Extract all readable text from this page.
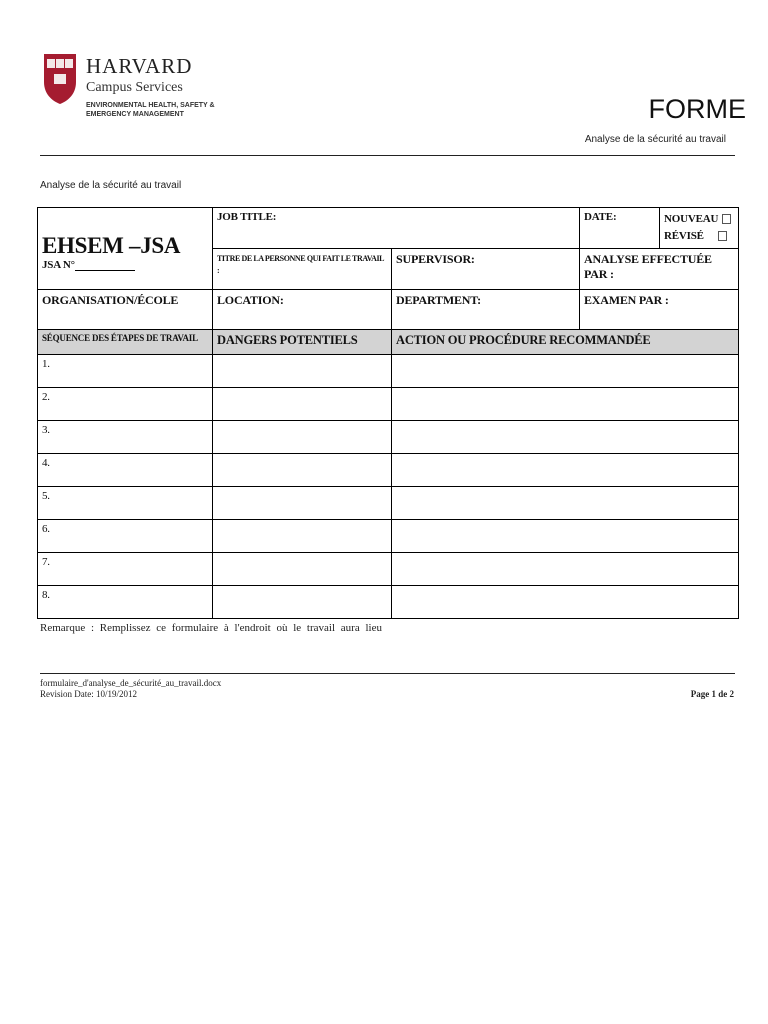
HARVARD
Campus Services
ENVIRONMENTAL HEALTH, SAFETY & EMERGENCY MANAGEMENT	FORME
Analyse de la sécurité au travail
Analyse de la sécurité au travail
EHSEM –JSA
JSA N°	JOB TITLE:		DATE:	NOUVEAU
RÉVISÉ
	TITRE DE LA PERSONNE QUI FAIT LE TRAVAIL :	SUPERVISOR:	ANALYSE EFFECTUÉE PAR :	
ORGANISATION/ÉCOLE	LOCATION:	DEPARTMENT:	EXAMEN PAR :	
SÉQUENCE DES ÉTAPES DE TRAVAIL	DANGERS POTENTIELS	ACTION OU PROCÉDURE RECOMMANDÉE		
1.				
2.				
3.				
4.				
5.				
6.				
7.				
8.				
Remarque : Remplissez ce formulaire à l'endroit où le travail aura lieu
formulaire_d'analyse_de_sécurité_au_travail.docx
Revision Date: 10/19/2012	Page 1 de 2
